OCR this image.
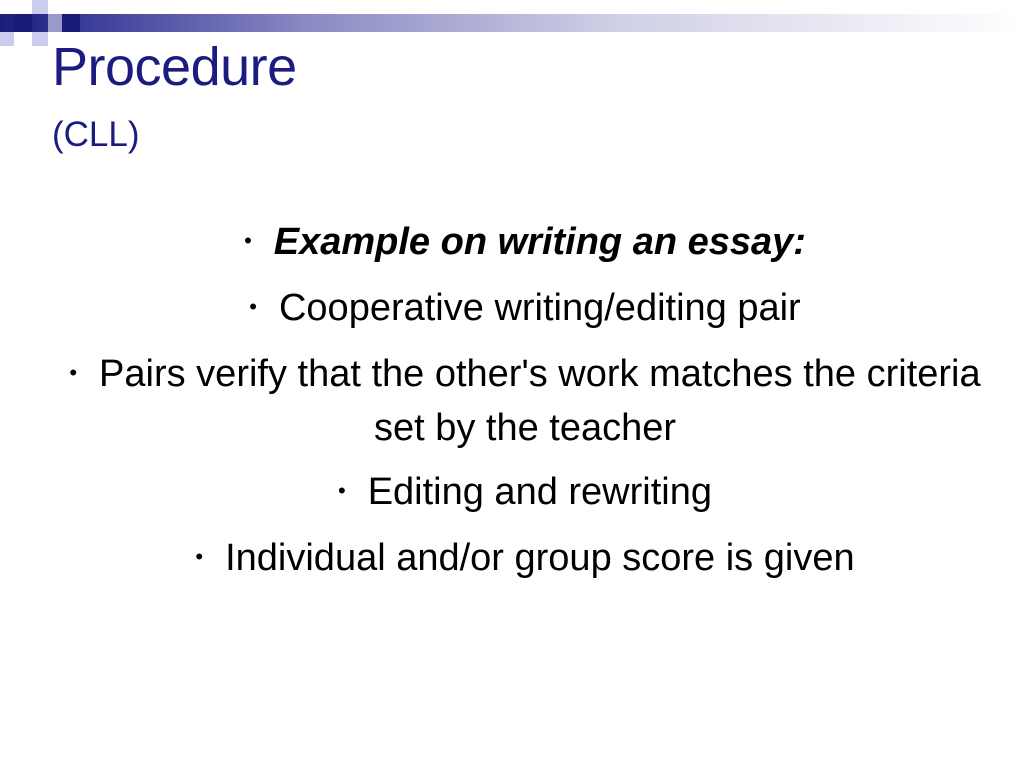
Procedure
(CLL)
• Example on writing an essay:
• Cooperative writing/editing pair
• Pairs verify that the other's work matches the criteria set by the teacher
• Editing and rewriting
• Individual and/or group score is given
